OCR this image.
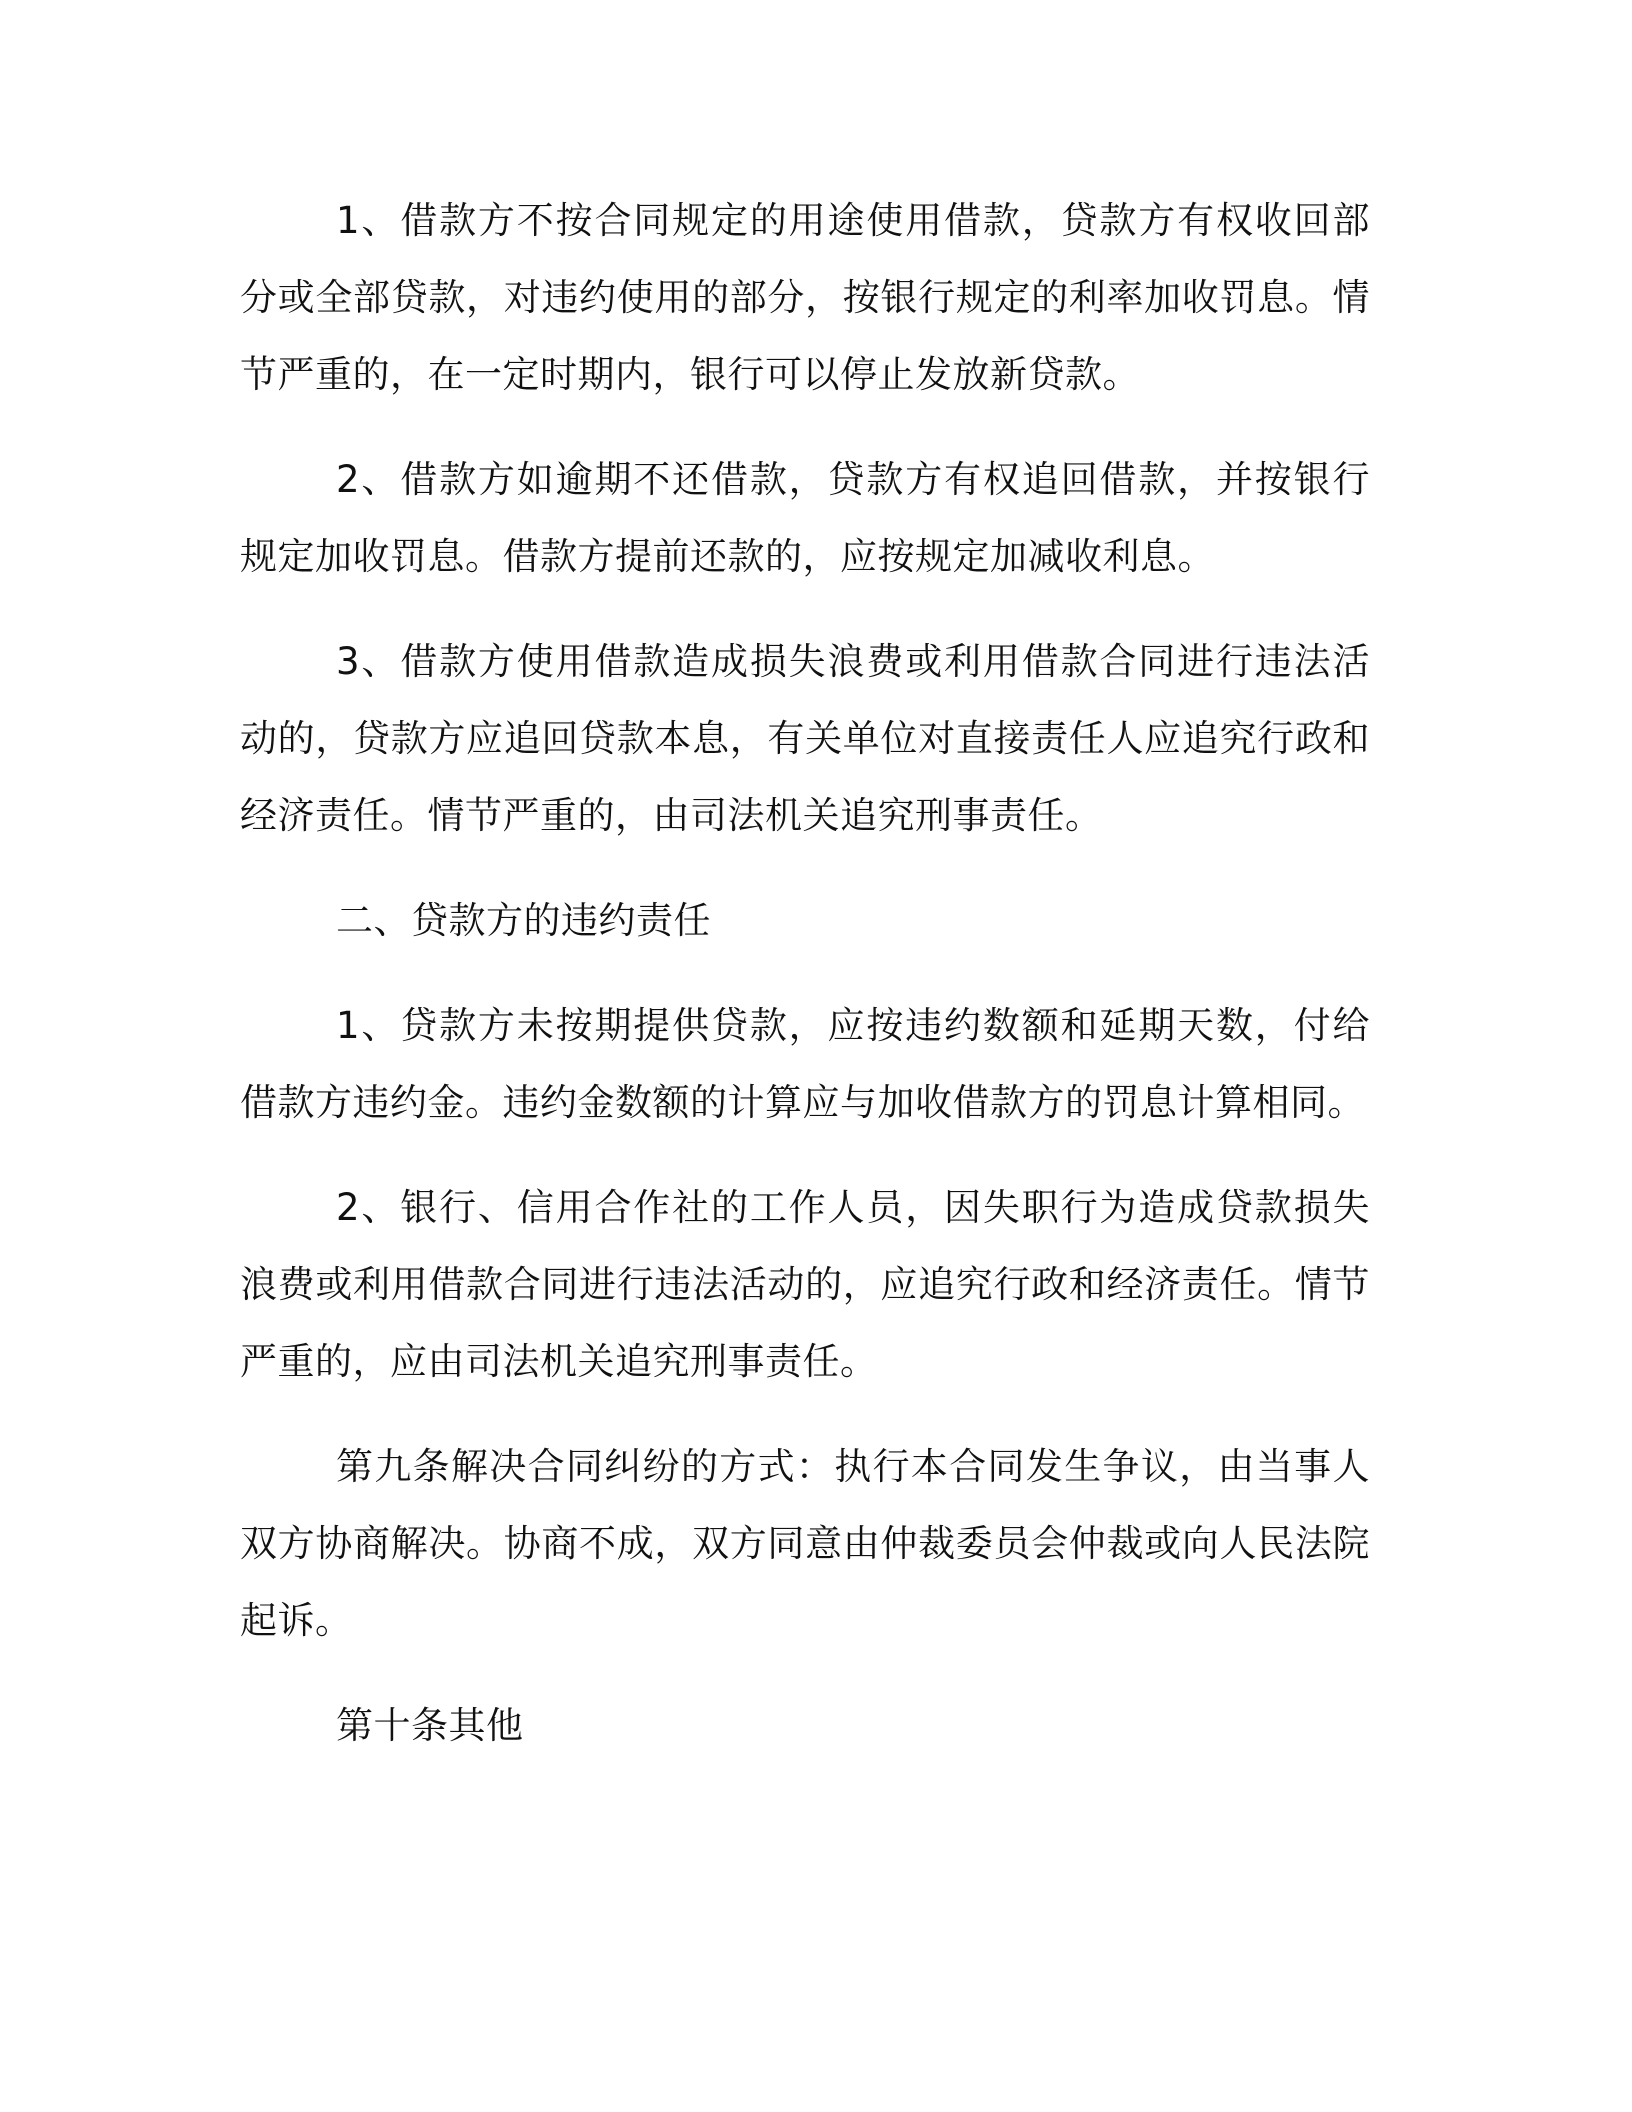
1、借款方不按合同规定的用途使用借款，贷款方有权收回部分或全部贷款，对违约使用的部分，按银行规定的利率加收罚息。情节严重的，在一定时期内，银行可以停止发放新贷款。

2、借款方如逾期不还借款，贷款方有权追回借款，并按银行规定加收罚息。借款方提前还款的，应按规定加减收利息。

3、借款方使用借款造成损失浪费或利用借款合同进行违法活动的，贷款方应追回贷款本息，有关单位对直接责任人应追究行政和经济责任。情节严重的，由司法机关追究刑事责任。

二、贷款方的违约责任

1、贷款方未按期提供贷款，应按违约数额和延期天数，付给借款方违约金。违约金数额的计算应与加收借款方的罚息计算相同。

2、银行、信用合作社的工作人员，因失职行为造成贷款损失浪费或利用借款合同进行违法活动的，应追究行政和经济责任。情节严重的，应由司法机关追究刑事责任。

第九条解决合同纠纷的方式：执行本合同发生争议，由当事人双方协商解决。协商不成，双方同意由仲裁委员会仲裁或向人民法院起诉。

第十条其他
